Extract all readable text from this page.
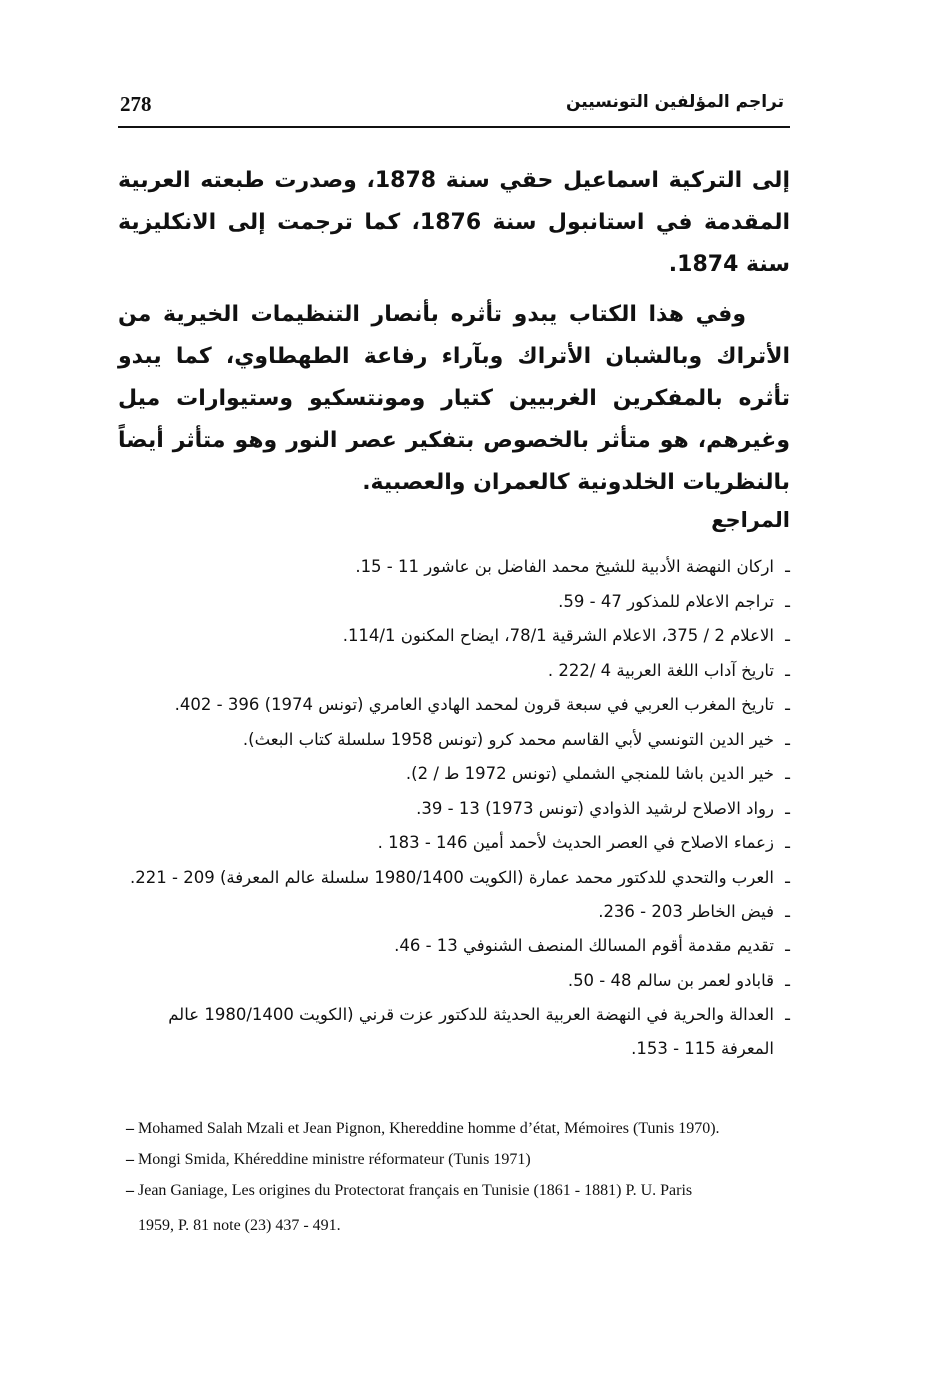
278	تراجم المؤلفين التونسيين

إلى التركية اسماعيل حقي سنة 1878، وصدرت طبعته العربية المقدمة في استانبول سنة 1876، كما ترجمت إلى الانكليزية سنة 1874.

وفي هذا الكتاب يبدو تأثره بأنصار التنظيمات الخيرية من الأتراك وبالشبان الأتراك وبآراء رفاعة الطهطاوي، كما يبدو تأثره بالمفكرين الغربيين كتيار ومونتسكيو وستيوارات ميل وغيرهم، هو متأثر بالخصوص بتفكير عصر النور وهو متأثر أيضاً بالنظريات الخلدونية كالعمران والعصبية.

المراجع
ـ اركان النهضة الأدبية للشيخ محمد الفاضل بن عاشور 11 - 15.
ـ تراجم الاعلام للمذكور 47 - 59.
ـ الاعلام 2 / 375، الاعلام الشرقية 78/1، ايضاح المكنون 114/1.
ـ تاريخ آداب اللغة العربية 4 /222 .
ـ تاريخ المغرب العربي في سبعة قرون لمحمد الهادي العامري (تونس 1974) 396 - 402.
ـ خير الدين التونسي لأبي القاسم محمد كرو (تونس 1958 سلسلة كتاب البعث).
ـ خير الدين باشا للمنجي الشملي (تونس 1972 ط / 2).
ـ رواد الاصلاح لرشيد الذوادي (تونس 1973) 13 - 39.
ـ زعماء الاصلاح في العصر الحديث لأحمد أمين 146 - 183 .
ـ العرب والتحدي للدكتور محمد عمارة (الكويت 1980/1400 سلسلة عالم المعرفة) 209 - 221.
ـ فيض الخاطر 203 - 236.
ـ تقديم مقدمة أقوم المسالك المنصف الشنوفي 13 - 46.
ـ قابادو لعمر بن سالم 48 - 50.
ـ العدالة والحرية في النهضة العربية الحديثة للدكتور عزت قرني (الكويت 1980/1400 عالم المعرفة 115 - 153.
– Mohamed Salah Mzali et Jean Pignon, Khereddine homme d’état, Mémoires (Tunis 1970).
– Mongi Smida, Khéreddine ministre réformateur (Tunis 1971)
– Jean Ganiage, Les origines du Protectorat français en Tunisie (1861 - 1881) P. U. Paris
1959, P. 81 note (23) 437 - 491.
